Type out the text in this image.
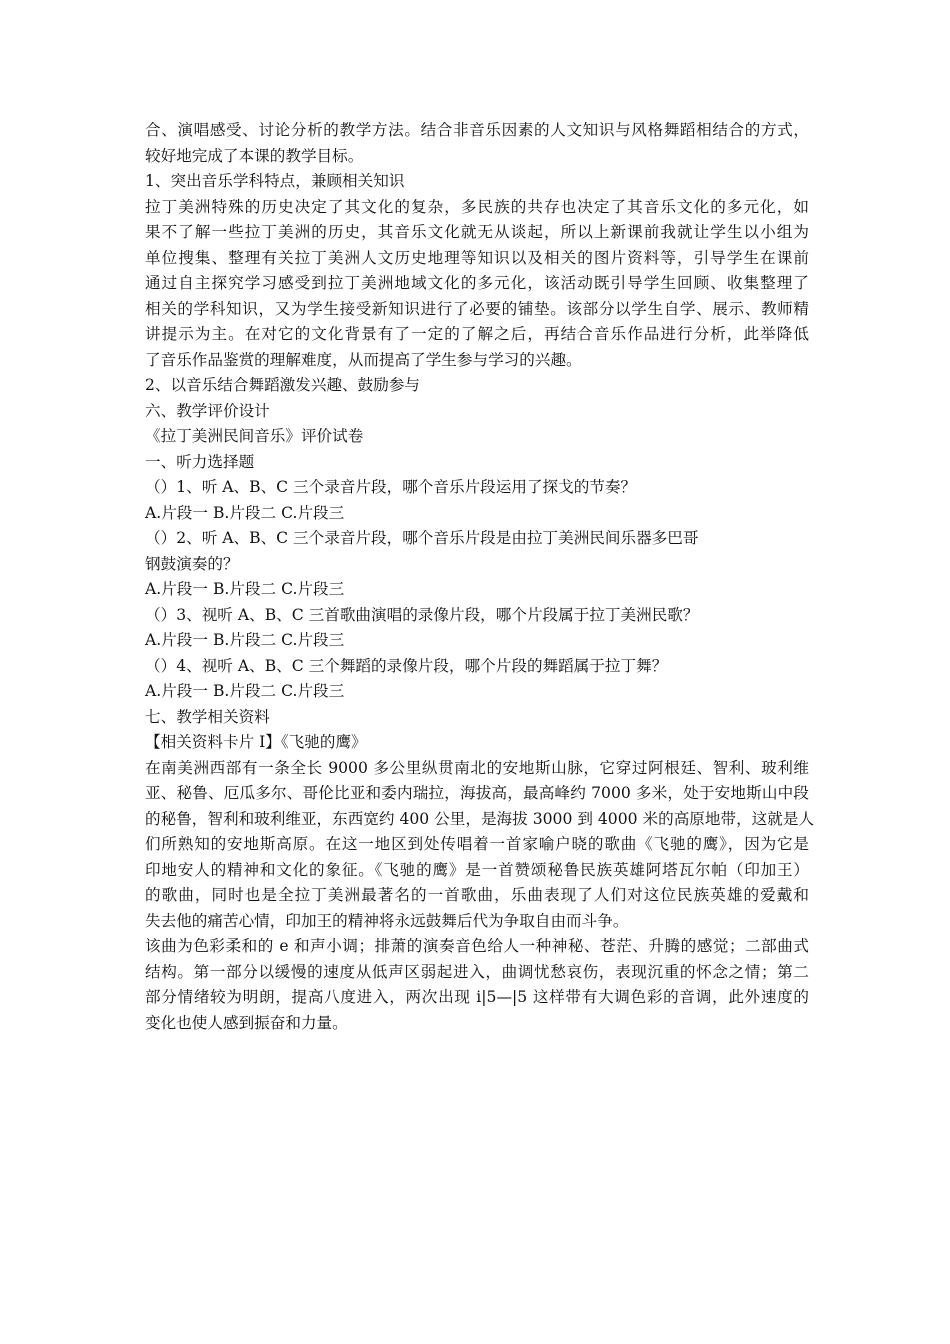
合、演唱感受、讨论分析的教学方法。结合非音乐因素的人文知识与风格舞蹈相结合的方式，
较好地完成了本课的教学目标。
1、突出音乐学科特点，兼顾相关知识
拉丁美洲特殊的历史决定了其文化的复杂，多民族的共存也决定了其音乐文化的多元化，如
果不了解一些拉丁美洲的历史，其音乐文化就无从谈起，所以上新课前我就让学生以小组为
单位搜集、整理有关拉丁美洲人文历史地理等知识以及相关的图片资料等，引导学生在课前
通过自主探究学习感受到拉丁美洲地域文化的多元化，该活动既引导学生回顾、收集整理了
相关的学科知识，又为学生接受新知识进行了必要的铺垫。该部分以学生自学、展示、教师精
讲提示为主。在对它的文化背景有了一定的了解之后，再结合音乐作品进行分析，此举降低
了音乐作品鉴赏的理解难度，从而提高了学生参与学习的兴趣。
2、以音乐结合舞蹈激发兴趣、鼓励参与
六、教学评价设计
《拉丁美洲民间音乐》评价试卷
一、听力选择题
（）1、听 A、B、C 三个录音片段，哪个音乐片段运用了探戈的节奏？
A.片段一 B.片段二 C.片段三
（）2、听 A、B、C 三个录音片段，哪个音乐片段是由拉丁美洲民间乐器多巴哥
钢鼓演奏的？
A.片段一 B.片段二 C.片段三
（）3、视听 A、B、C 三首歌曲演唱的录像片段，哪个片段属于拉丁美洲民歌？
A.片段一 B.片段二 C.片段三
（）4、视听 A、B、C 三个舞蹈的录像片段，哪个片段的舞蹈属于拉丁舞？
A.片段一 B.片段二 C.片段三
七、教学相关资料
【相关资料卡片 I】《飞驰的鹰》
在南美洲西部有一条全长 9000 多公里纵贯南北的安地斯山脉，它穿过阿根廷、智利、玻利维
亚、秘鲁、厄瓜多尔、哥伦比亚和委内瑞拉，海拔高，最高峰约 7000 多米，处于安地斯山中段
的秘鲁，智利和玻利维亚，东西宽约 400 公里，是海拔 3000 到 4000 米的高原地带，这就是人
们所熟知的安地斯高原。在这一地区到处传唱着一首家喻户晓的歌曲《飞驰的鹰》，因为它是
印地安人的精神和文化的象征。《飞驰的鹰》是一首赞颂秘鲁民族英雄阿塔瓦尔帕（印加王）
的歌曲，同时也是全拉丁美洲最著名的一首歌曲，乐曲表现了人们对这位民族英雄的爱戴和
失去他的痛苦心情，印加王的精神将永远鼓舞后代为争取自由而斗争。
该曲为色彩柔和的 e 和声小调；排萧的演奏音色给人一种神秘、苍茫、升腾的感觉；二部曲式
结构。第一部分以缓慢的速度从低声区弱起进入，曲调忧愁哀伤，表现沉重的怀念之情；第二
部分情绪较为明朗，提高八度进入，两次出现 i|5—|5 这样带有大调色彩的音调，此外速度的
变化也使人感到振奋和力量。
